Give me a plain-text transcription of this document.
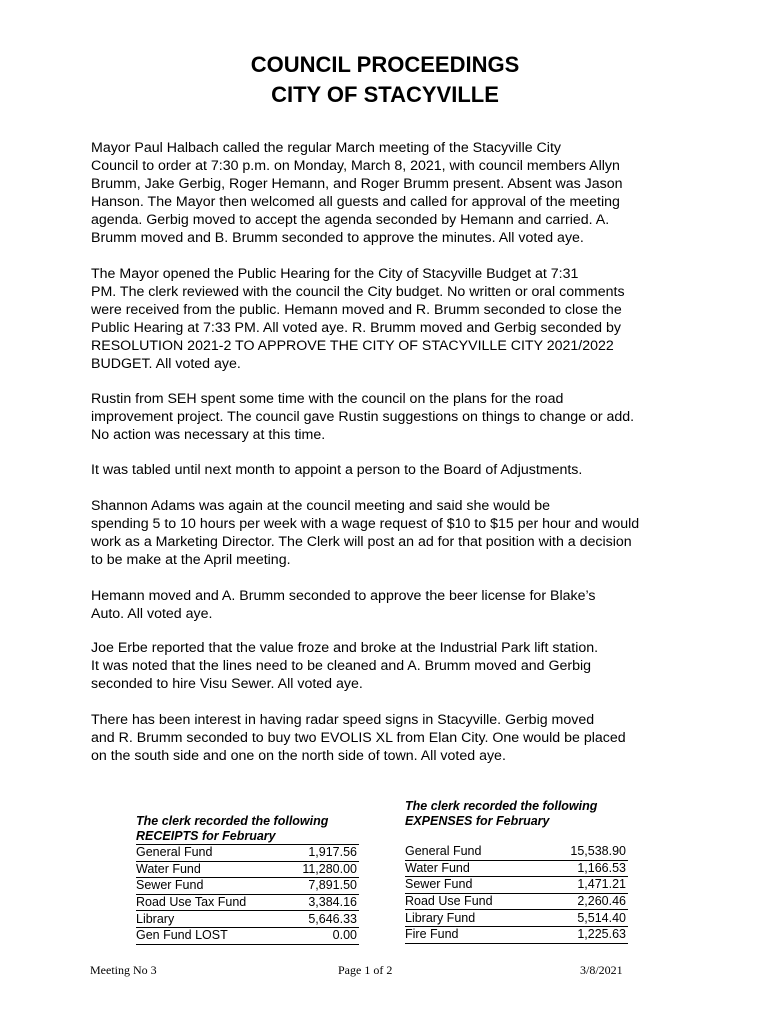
COUNCIL PROCEEDINGS
CITY OF STACYVILLE
Mayor Paul Halbach called the regular March meeting of the Stacyville City
Council to order at 7:30 p.m. on Monday, March 8, 2021, with council members Allyn
Brumm, Jake Gerbig, Roger Hemann, and Roger Brumm present. Absent was Jason
Hanson. The Mayor then welcomed all guests and called for approval of the meeting
agenda. Gerbig moved to accept the agenda seconded by Hemann and carried. A.
Brumm moved and B. Brumm seconded to approve the minutes. All voted aye.
The Mayor opened the Public Hearing for the City of Stacyville Budget at 7:31
PM. The clerk reviewed with the council the City budget. No written or oral comments
were received from the public. Hemann moved and R. Brumm seconded to close the
Public Hearing at 7:33 PM. All voted aye. R. Brumm moved and Gerbig seconded by
RESOLUTION 2021-2 TO APPROVE THE CITY OF STACYVILLE CITY 2021/2022
BUDGET. All voted aye.
Rustin from SEH spent some time with the council on the plans for the road
improvement project. The council gave Rustin suggestions on things to change or add.
No action was necessary at this time.
It was tabled until next month to appoint a person to the Board of Adjustments.
Shannon Adams was again at the council meeting and said she would be
spending 5 to 10 hours per week with a wage request of $10 to $15 per hour and would
work as a Marketing Director. The Clerk will post an ad for that position with a decision
to be make at the April meeting.
Hemann moved and A. Brumm seconded to approve the beer license for Blake’s
Auto. All voted aye.
Joe Erbe reported that the value froze and broke at the Industrial Park lift station.
It was noted that the lines need to be cleaned and A. Brumm moved and Gerbig
seconded to hire Visu Sewer. All voted aye.
There has been interest in having radar speed signs in Stacyville. Gerbig moved
and R. Brumm seconded to buy two EVOLIS XL from Elan City. One would be placed
on the south side and one on the north side of town. All voted aye.
The clerk recorded the following
RECEIPTS for February
General Fund	1,917.56
Water Fund	11,280.00
Sewer Fund	7,891.50
Road Use Tax Fund	3,384.16
Library	5,646.33
Gen Fund LOST	0.00
The clerk recorded the following
EXPENSES for February
General Fund	15,538.90
Water Fund	1,166.53
Sewer Fund	1,471.21
Road Use Fund	2,260.46
Library Fund	5,514.40
Fire Fund	1,225.63
Meeting No 3	Page 1 of 2	3/8/2021
